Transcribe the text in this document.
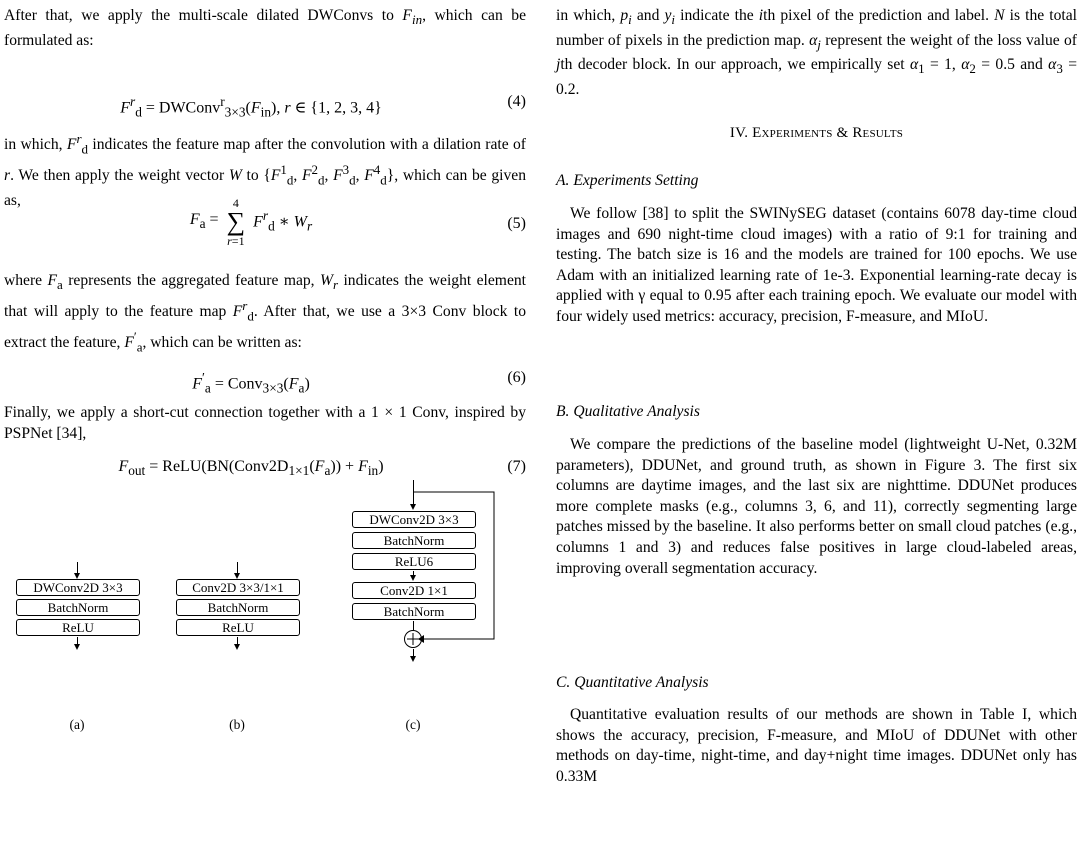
After that, we apply the multi-scale dilated DWConvs to $F_{in}$, which can be formulated as:

$F^r_d$ = $DWConv^r_{3\times 3}(F_{in})$, r ∈ {1, 2, 3, 4}	(4)

in which, $F^r_d$ indicates the feature map after the convolution with a dilation rate of r. We then apply the weight vector W to {$F^1_d$, $F^2_d$, $F^3_d$, $F^4_d$}, which can be given as,

$F_a = 4$
∑
r=1 $F^r_d$ ∗ $W_r$	(5)

where $F_a$ represents the aggregated feature map, $W_r$ indicates the weight element that will apply to the feature map $F^r_d$. After that, we use a 3×3 Conv block to extract the feature, $F'_a$, which can be written as:

$F'_a$ = $Conv_{3\times 3}(F_a)$	(6)

Finally, we apply a short-cut connection together with a 1 × 1 Conv, inspired by PSPNet [34],

$F_{out}$ = $ReLU(BN(Conv2D_{1\times 1}(F_a)) + F_{in})$	(7)
DWConv2D 3×3
BatchNorm
ReLU
(a)
Conv2D 3×3/1×1
BatchNorm
ReLU
(b)
DWConv2D 3×3
BatchNorm
ReLU6
Conv2D 1×1
BatchNorm
(c)

in which, $p_i$ and $y_i$ indicate the ith pixel of the prediction and label. N is the total number of pixels in the prediction map. $\alpha_j$ represent the weight of the loss value of jth decoder block. In our approach, we empirically set $\alpha_1 = 1$, $\alpha_2 = 0.5$ and $\alpha_3 = 0.2$.

IV. Experiments & Results
A. Experiments Setting

We follow [38] to split the SWINySEG dataset (contains 6078 day-time cloud images and 690 night-time cloud images) with a ratio of 9:1 for training and testing. The batch size is 16 and the models are trained for 100 epochs. We use Adam with an initialized learning rate of 1e-3. Exponential learning-rate decay is applied with γ equal to 0.95 after each training epoch. We evaluate our model with four widely used metrics: accuracy, precision, F-measure, and MIoU.

B. Qualitative Analysis

We compare the predictions of the baseline model (lightweight U-Net, 0.32M parameters), DDUNet, and ground truth, as shown in Figure 3. The first six columns are daytime images, and the last six are nighttime. DDUNet produces more complete masks (e.g., columns 3, 6, and 11), correctly segmenting large patches missed by the baseline. It also performs better on small cloud patches (e.g., columns 1 and 3) and reduces false positives in large cloud-labeled areas, improving overall segmentation accuracy.

C. Quantitative Analysis

Quantitative evaluation results of our methods are shown in Table I, which shows the accuracy, precision, F-measure, and MIoU of DDUNet with other methods on day-time, night-time, and day+night time images. DDUNet only has 0.33M
